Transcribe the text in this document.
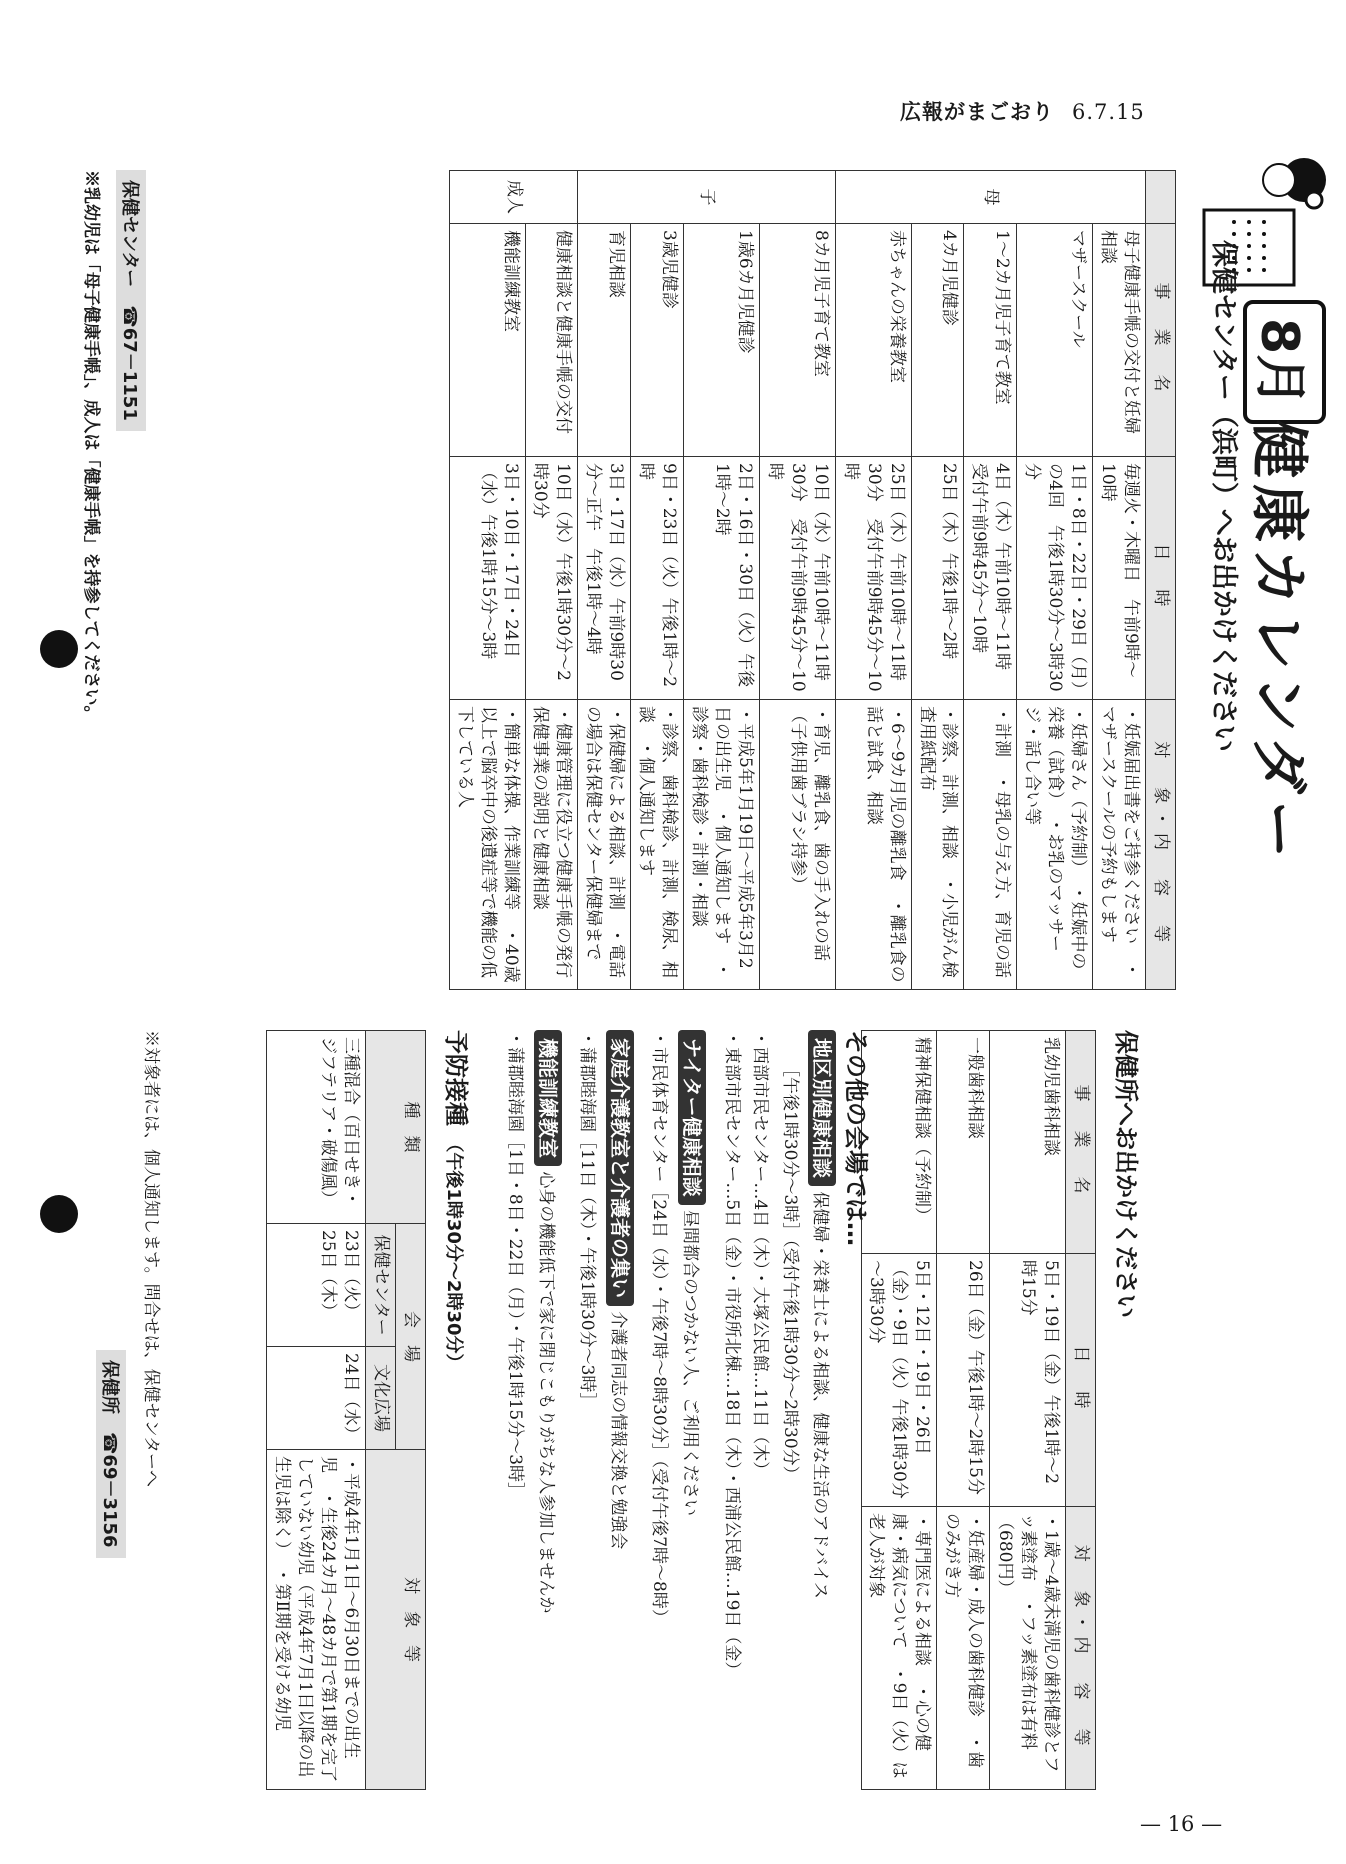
広報がまごおり 6.7.15
— 16 —
8月
健康カレンダー
保健センター（浜町）へお出かけください
	事　業　名	日　時	対　象・内　容　等
母	母子健康手帳の交付と妊婦相談	毎週火・木曜日　午前9時～10時	・妊娠届出書をご持参ください　・マザースクールの予約もします
	マザースクール	1日・8日・22日・29日（月）の4回　午後1時30分～3時30分	・妊婦さん（予約制）　・妊娠中の栄養（試食）　・お乳のマッサージ・話し合い等
	1～2カ月児子育て教室	4日（木）午前10時～11時　受付午前9時45分～10時	・計測　・母乳の与え方、育児の話
	4カ月児健診	25日（木）午後1時～2時	・診察、計測、相談　・小児がん検査用紙配布
	赤ちゃんの栄養教室	25日（木）午前10時～11時30分　受付午前9時45分～10時	・6～9カ月児の離乳食　・離乳食の話と試食、相談
子	8カ月児子育て教室	10日（水）午前10時～11時30分　受付午前9時45分～10時	・育児、離乳食、歯の手入れの話（子供用歯ブラシ持参）
	1歳6カ月児健診	2日・16日・30日（火）午後1時～2時	・平成5年1月19日～平成5年3月2日の出生児　・個人通知します　・診察・歯科検診・計測・相談
	3歳児健診	9日・23日（火）午後1時～2時	・診察、歯科検診、計測、検尿、相談　・個人通知します
	育児相談	3日・17日（水）午前9時30分～正午　午後1時～4時	・保健婦による相談、計測　・電話の場合は保健センター保健婦まで
成人	健康相談と健康手帳の交付	10日（水）午後1時30分～2時30分	・健康管理に役立つ健康手帳の発行　保健事業の説明と健康相談
	機能訓練教室	3日・10日・17日・24日（水）午後1時15分～3時	・簡単な体操、作業訓練等　・40歳以上で脳卒中の後遺症等で機能の低下している人
保健センター　☎67－1151
※乳幼児は「母子健康手帳」、成人は「健康手帳」を持参してください。
保健所へお出かけください
事　業　名	日　時	対　象・内　容　等
乳幼児歯科相談	5日・19日（金）午後1時～2時15分	・1歳～4歳未満児の歯科健診とフッ素塗布　・フッ素塗布は有料（680円）
一般歯科相談	26日（金）午後1時～2時15分	・妊産婦・成人の歯科健診　・歯のみがき方
精神保健相談（予約制）	5日・12日・19日・26日（金）・9日（火）午後1時30分～3時30分	・専門医による相談　・心の健康・病気について　・9日（火）は老人が対象
その他の会場では…
地区別健康相談 保健婦・栄養士による相談、健康な生活のアドバイス
［午後1時30分～3時］（受付午後1時30分～2時30分）
・西部市民センター…4日（木）・大塚公民館…11日（木）
・東部市民センター…5日（金）・市役所北棟…18日（木）・西浦公民館…19日（金）
ナイター健康相談 昼間都合のつかない人、ご利用ください
・市民体育センター［24日（水）・午後7時～8時30分］（受付午後7時～8時）
家庭介護教室と介護者の集い 介護者同志の情報交換と勉強会
・蒲郡睦海園［11日（木）・午後1時30分～3時］
機能訓練教室 心身の機能低下で家に閉じこもりがちな人参加しませんか
・蒲郡睦海園［1日・8日・22日（月）・午後1時15分～3時］
予防接種 （午後1時30分～2時30分）
種　類	会　場		対　象　等
	保健センター	文化広場	
三種混合（百日せき・ジフテリア・破傷風）	23日（火）25日（木）	24日（水）	・平成4年1月1日～6月30日までの出生児　・生後24カ月～48カ月で第1期を完了していない幼児（平成4年7月1日以降の出生児は除く）　・第Ⅱ期を受ける幼児
※対象者には、個人通知します。問合せは、保健センターへ
保健所　☎69－3156
